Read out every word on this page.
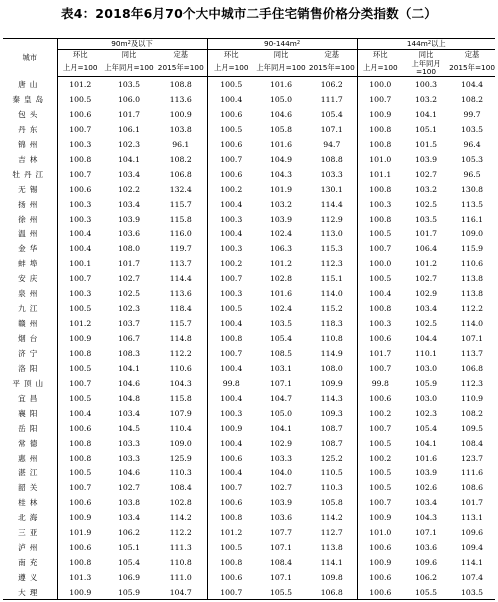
表4：2018年6月70个大中城市二手住宅销售价格分类指数（二）
城市	$90m^2$及以下			$90-144m^2$			$144m^2$以上		
	环比	同比	定基	环比	同比	定基	环比	同比	定基
	上月=100	上年同月=100	2015年=100	上月=100	上年同月=100	2015年=100	上月=100	上年同月=100	2015年=100
唐山	101.2	103.5	108.8	100.5	101.6	106.2	100.0	100.3	104.4
秦皇岛	100.5	106.0	113.6	100.4	105.0	111.7	100.7	103.2	108.2
包头	100.6	101.7	100.9	100.6	104.6	105.4	100.9	104.1	99.7
丹东	100.7	106.1	103.8	100.5	105.8	107.1	100.8	105.1	103.5
锦州	100.3	102.3	96.1	100.6	101.6	94.7	100.8	101.5	96.4
吉林	100.8	104.1	108.2	100.7	104.9	108.8	101.0	103.9	105.3
牡丹江	100.7	103.4	106.8	100.6	104.3	103.3	101.1	102.7	96.5
无锡	100.6	102.2	132.4	100.2	101.9	130.1	100.8	103.2	130.8
扬州	100.3	103.4	115.7	100.4	103.2	114.4	100.3	102.5	113.5
徐州	100.3	103.9	115.8	100.3	103.9	112.9	100.8	103.5	116.1
温州	100.4	103.6	116.0	100.4	102.4	113.0	100.5	101.7	109.0
金华	100.4	108.0	119.7	100.3	106.3	115.3	100.7	106.4	115.9
蚌埠	100.1	101.7	113.7	100.2	101.2	112.3	100.0	101.2	110.6
安庆	100.7	102.7	114.4	100.7	102.8	115.1	100.5	102.7	113.8
泉州	100.3	102.5	113.6	100.3	101.6	114.0	100.4	102.9	113.8
九江	100.5	102.3	118.4	100.5	102.4	115.2	100.8	103.4	112.2
赣州	101.2	103.7	115.7	100.4	103.5	118.3	100.3	102.5	114.0
烟台	100.9	106.7	114.8	100.8	105.4	110.8	100.6	104.4	107.1
济宁	100.8	108.3	112.2	100.7	108.5	114.9	101.7	110.1	113.7
洛阳	100.5	104.1	110.6	100.4	103.1	108.0	100.7	103.0	106.8
平顶山	100.7	104.6	104.3	99.8	107.1	109.9	99.8	105.9	112.3
宜昌	100.5	104.8	115.8	100.4	104.7	114.3	100.6	103.0	110.9
襄阳	100.4	103.4	107.9	100.3	105.0	109.3	100.2	102.3	108.2
岳阳	100.6	104.5	110.4	100.9	104.1	108.7	100.7	105.4	109.5
常德	100.8	103.3	109.0	100.4	102.9	108.7	100.5	104.1	108.4
惠州	100.8	103.3	125.9	100.6	103.3	125.2	100.2	101.6	123.7
湛江	100.5	104.6	110.3	100.4	104.0	110.5	100.5	103.9	111.6
韶关	100.7	102.7	108.4	100.7	102.7	110.3	100.5	102.6	108.6
桂林	100.6	103.8	102.8	100.6	103.9	105.8	100.7	103.4	101.7
北海	100.9	103.4	114.2	100.8	103.6	114.2	100.9	104.3	113.1
三亚	101.9	106.2	112.2	101.2	107.7	112.7	101.0	107.1	109.6
泸州	100.6	105.1	111.3	100.5	107.1	113.8	100.6	103.6	109.4
南充	100.8	105.4	110.8	100.8	108.4	114.1	100.9	109.6	114.1
遵义	101.3	106.9	111.0	100.6	107.1	109.8	100.6	106.2	107.4
大理	100.9	105.9	104.7	100.7	105.5	106.8	100.6	105.5	103.5
